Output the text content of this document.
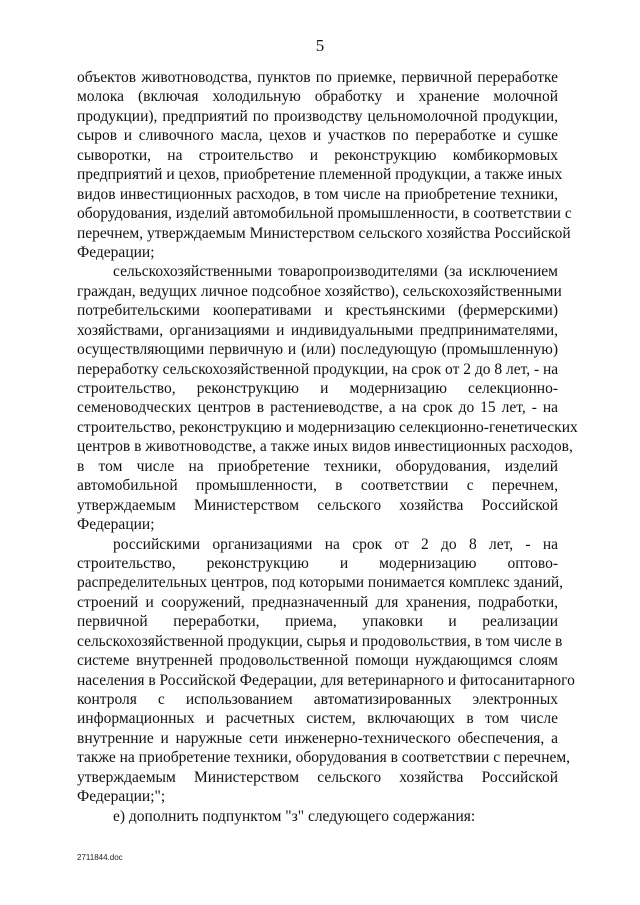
5
объектов животноводства, пунктов по приемке, первичной переработке
молока (включая холодильную обработку и хранение молочной
продукции), предприятий по производству цельномолочной продукции,
сыров и сливочного масла, цехов и участков по переработке и сушке
сыворотки, на строительство и реконструкцию комбикормовых
предприятий и цехов, приобретение племенной продукции, а также иных
видов инвестиционных расходов, в том числе на приобретение техники,
оборудования, изделий автомобильной промышленности, в соответствии с
перечнем, утверждаемым Министерством сельского хозяйства Российской
Федерации;
сельскохозяйственными товаропроизводителями (за исключением
граждан, ведущих личное подсобное хозяйство), сельскохозяйственными
потребительскими кооперативами и крестьянскими (фермерскими)
хозяйствами, организациями и индивидуальными предпринимателями,
осуществляющими первичную и (или) последующую (промышленную)
переработку сельскохозяйственной продукции, на срок от 2 до 8 лет, - на
строительство, реконструкцию и модернизацию селекционно-
семеноводческих центров в растениеводстве, а на срок до 15 лет, - на
строительство, реконструкцию и модернизацию селекционно-генетических
центров в животноводстве, а также иных видов инвестиционных расходов,
в том числе на приобретение техники, оборудования, изделий
автомобильной промышленности, в соответствии с перечнем,
утверждаемым Министерством сельского хозяйства Российской
Федерации;
российскими организациями на срок от 2 до 8 лет, - на
строительство, реконструкцию и модернизацию оптово-
распределительных центров, под которыми понимается комплекс зданий,
строений и сооружений, предназначенный для хранения, подработки,
первичной переработки, приема, упаковки и реализации
сельскохозяйственной продукции, сырья и продовольствия, в том числе в
системе внутренней продовольственной помощи нуждающимся слоям
населения в Российской Федерации, для ветеринарного и фитосанитарного
контроля с использованием автоматизированных электронных
информационных и расчетных систем, включающих в том числе
внутренние и наружные сети инженерно-технического обеспечения, а
также на приобретение техники, оборудования в соответствии с перечнем,
утверждаемым Министерством сельского хозяйства Российской
Федерации;";
е) дополнить подпунктом "з" следующего содержания:
2711844.doc
